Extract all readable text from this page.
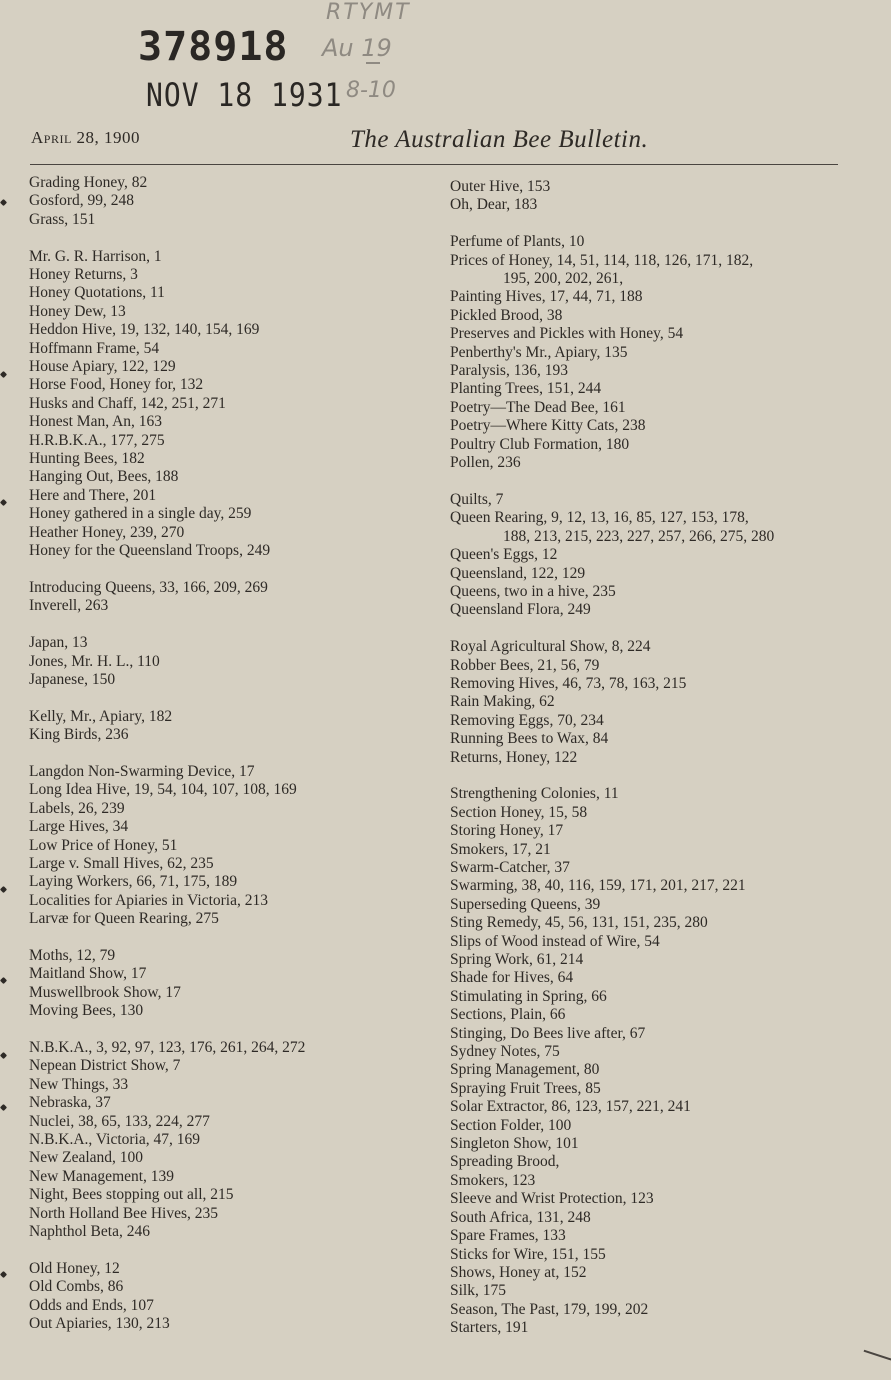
378918
NOV 18 1931
RTYMT
Au 19
8-10
April 28, 1900	The Australian Bee Bulletin.
Grading Honey, 82
Gosford, 99, 248
Grass, 151
Mr. G. R. Harrison, 1
Honey Returns, 3
Honey Quotations, 11
Honey Dew, 13
Heddon Hive, 19, 132, 140, 154, 169
Hoffmann Frame, 54
House Apiary, 122, 129
Horse Food, Honey for, 132
Husks and Chaff, 142, 251, 271
Honest Man, An, 163
H.R.B.K.A., 177, 275
Hunting Bees, 182
Hanging Out, Bees, 188
Here and There, 201
Honey gathered in a single day, 259
Heather Honey, 239, 270
Honey for the Queensland Troops, 249
Introducing Queens, 33, 166, 209, 269
Inverell, 263
Japan, 13
Jones, Mr. H. L., 110
Japanese, 150
Kelly, Mr., Apiary, 182
King Birds, 236
Langdon Non-Swarming Device, 17
Long Idea Hive, 19, 54, 104, 107, 108, 169
Labels, 26, 239
Large Hives, 34
Low Price of Honey, 51
Large v. Small Hives, 62, 235
Laying Workers, 66, 71, 175, 189
Localities for Apiaries in Victoria, 213
Larvæ for Queen Rearing, 275
Moths, 12, 79
Maitland Show, 17
Muswellbrook Show, 17
Moving Bees, 130
N.B.K.A., 3, 92, 97, 123, 176, 261, 264, 272
Nepean District Show, 7
New Things, 33
Nebraska, 37
Nuclei, 38, 65, 133, 224, 277
N.B.K.A., Victoria, 47, 169
New Zealand, 100
New Management, 139
Night, Bees stopping out all, 215
North Holland Bee Hives, 235
Naphthol Beta, 246
Old Honey, 12
Old Combs, 86
Odds and Ends, 107
Out Apiaries, 130, 213
Outer Hive, 153
Oh, Dear, 183
Perfume of Plants, 10
Prices of Honey, 14, 51, 114, 118, 126, 171, 182,
195, 200, 202, 261,
Painting Hives, 17, 44, 71, 188
Pickled Brood, 38
Preserves and Pickles with Honey, 54
Penberthy's Mr., Apiary, 135
Paralysis, 136, 193
Planting Trees, 151, 244
Poetry—The Dead Bee, 161
Poetry—Where Kitty Cats, 238
Poultry Club Formation, 180
Pollen, 236
Quilts, 7
Queen Rearing, 9, 12, 13, 16, 85, 127, 153, 178,
188, 213, 215, 223, 227, 257, 266, 275, 280
Queen's Eggs, 12
Queensland, 122, 129
Queens, two in a hive, 235
Queensland Flora, 249
Royal Agricultural Show, 8, 224
Robber Bees, 21, 56, 79
Removing Hives, 46, 73, 78, 163, 215
Rain Making, 62
Removing Eggs, 70, 234
Running Bees to Wax, 84
Returns, Honey, 122
Strengthening Colonies, 11
Section Honey, 15, 58
Storing Honey, 17
Smokers, 17, 21
Swarm-Catcher, 37
Swarming, 38, 40, 116, 159, 171, 201, 217, 221
Superseding Queens, 39
Sting Remedy, 45, 56, 131, 151, 235, 280
Slips of Wood instead of Wire, 54
Spring Work, 61, 214
Shade for Hives, 64
Stimulating in Spring, 66
Sections, Plain, 66
Stinging, Do Bees live after, 67
Sydney Notes, 75
Spring Management, 80
Spraying Fruit Trees, 85
Solar Extractor, 86, 123, 157, 221, 241
Section Folder, 100
Singleton Show, 101
Spreading Brood,
Smokers, 123
Sleeve and Wrist Protection, 123
South Africa, 131, 248
Spare Frames, 133
Sticks for Wire, 151, 155
Shows, Honey at, 152
Silk, 175
Season, The Past, 179, 199, 202
Starters, 191
